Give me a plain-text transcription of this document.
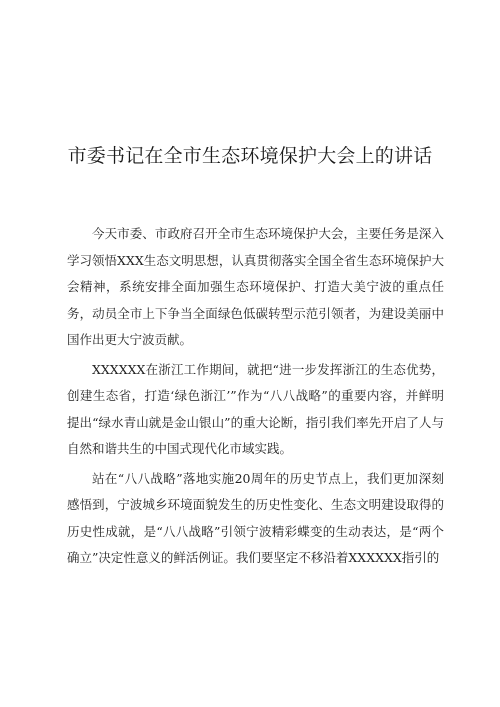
市委书记在全市生态环境保护大会上的讲话

今天市委、市政府召开全市生态环境保护大会，主要任务是深入学习领悟XXX生态文明思想，认真贯彻落实全国全省生态环境保护大会精神，系统安排全面加强生态环境保护、打造大美宁波的重点任务，动员全市上下争当全面绿色低碳转型示范引领者，为建设美丽中国作出更大宁波贡献。

XXXXXX在浙江工作期间，就把“进一步发挥浙江的生态优势，创建生态省，打造‘绿色浙江’”作为“八八战略”的重要内容，并鲜明提出“绿水青山就是金山银山”的重大论断，指引我们率先开启了人与自然和谐共生的中国式现代化市域实践。

站在“八八战略”落地实施20周年的历史节点上，我们更加深刻感悟到，宁波城乡环境面貌发生的历史性变化、生态文明建设取得的历史性成就，是“八八战略”引领宁波精彩蝶变的生动表达，是“两个确立”决定性意义的鲜活例证。我们要坚定不移沿着XXXXXX指引的
